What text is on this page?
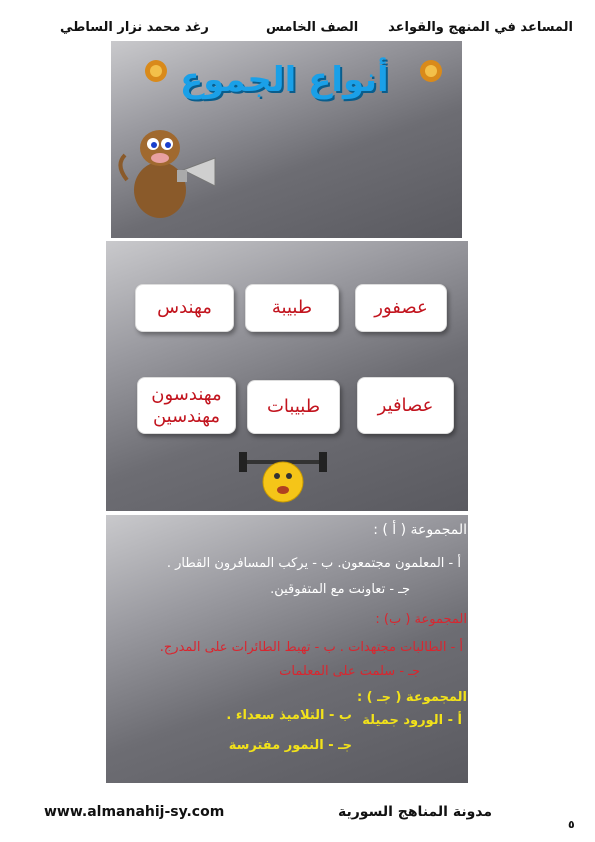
المساعد في المنهج والقواعد
الصف الخامس
رغد محمد نزار الساطي
أنواع الجموع
عصفور
طبيبة
مهندس
عصافير
طبيبات
مهندسون مهندسين
المجموعة ( أ ) :
أ - المعلمون مجتمعون. ب - يركب المسافرون القطار .
جـ - تعاونت مع المتفوقين.
المجموعة ( ب) :
أ - الطالبات مجتهدات . ب - تهبط الطائرات على المدرج.
جـ - سلمت على المعلمات
المجموعة ( جـ ) :
أ - الورود جميلة
ب - التلاميذ سعداء .
جـ - النمور مفترسة
www.almanahij-sy.com	مدونة المناهج السورية
٥
